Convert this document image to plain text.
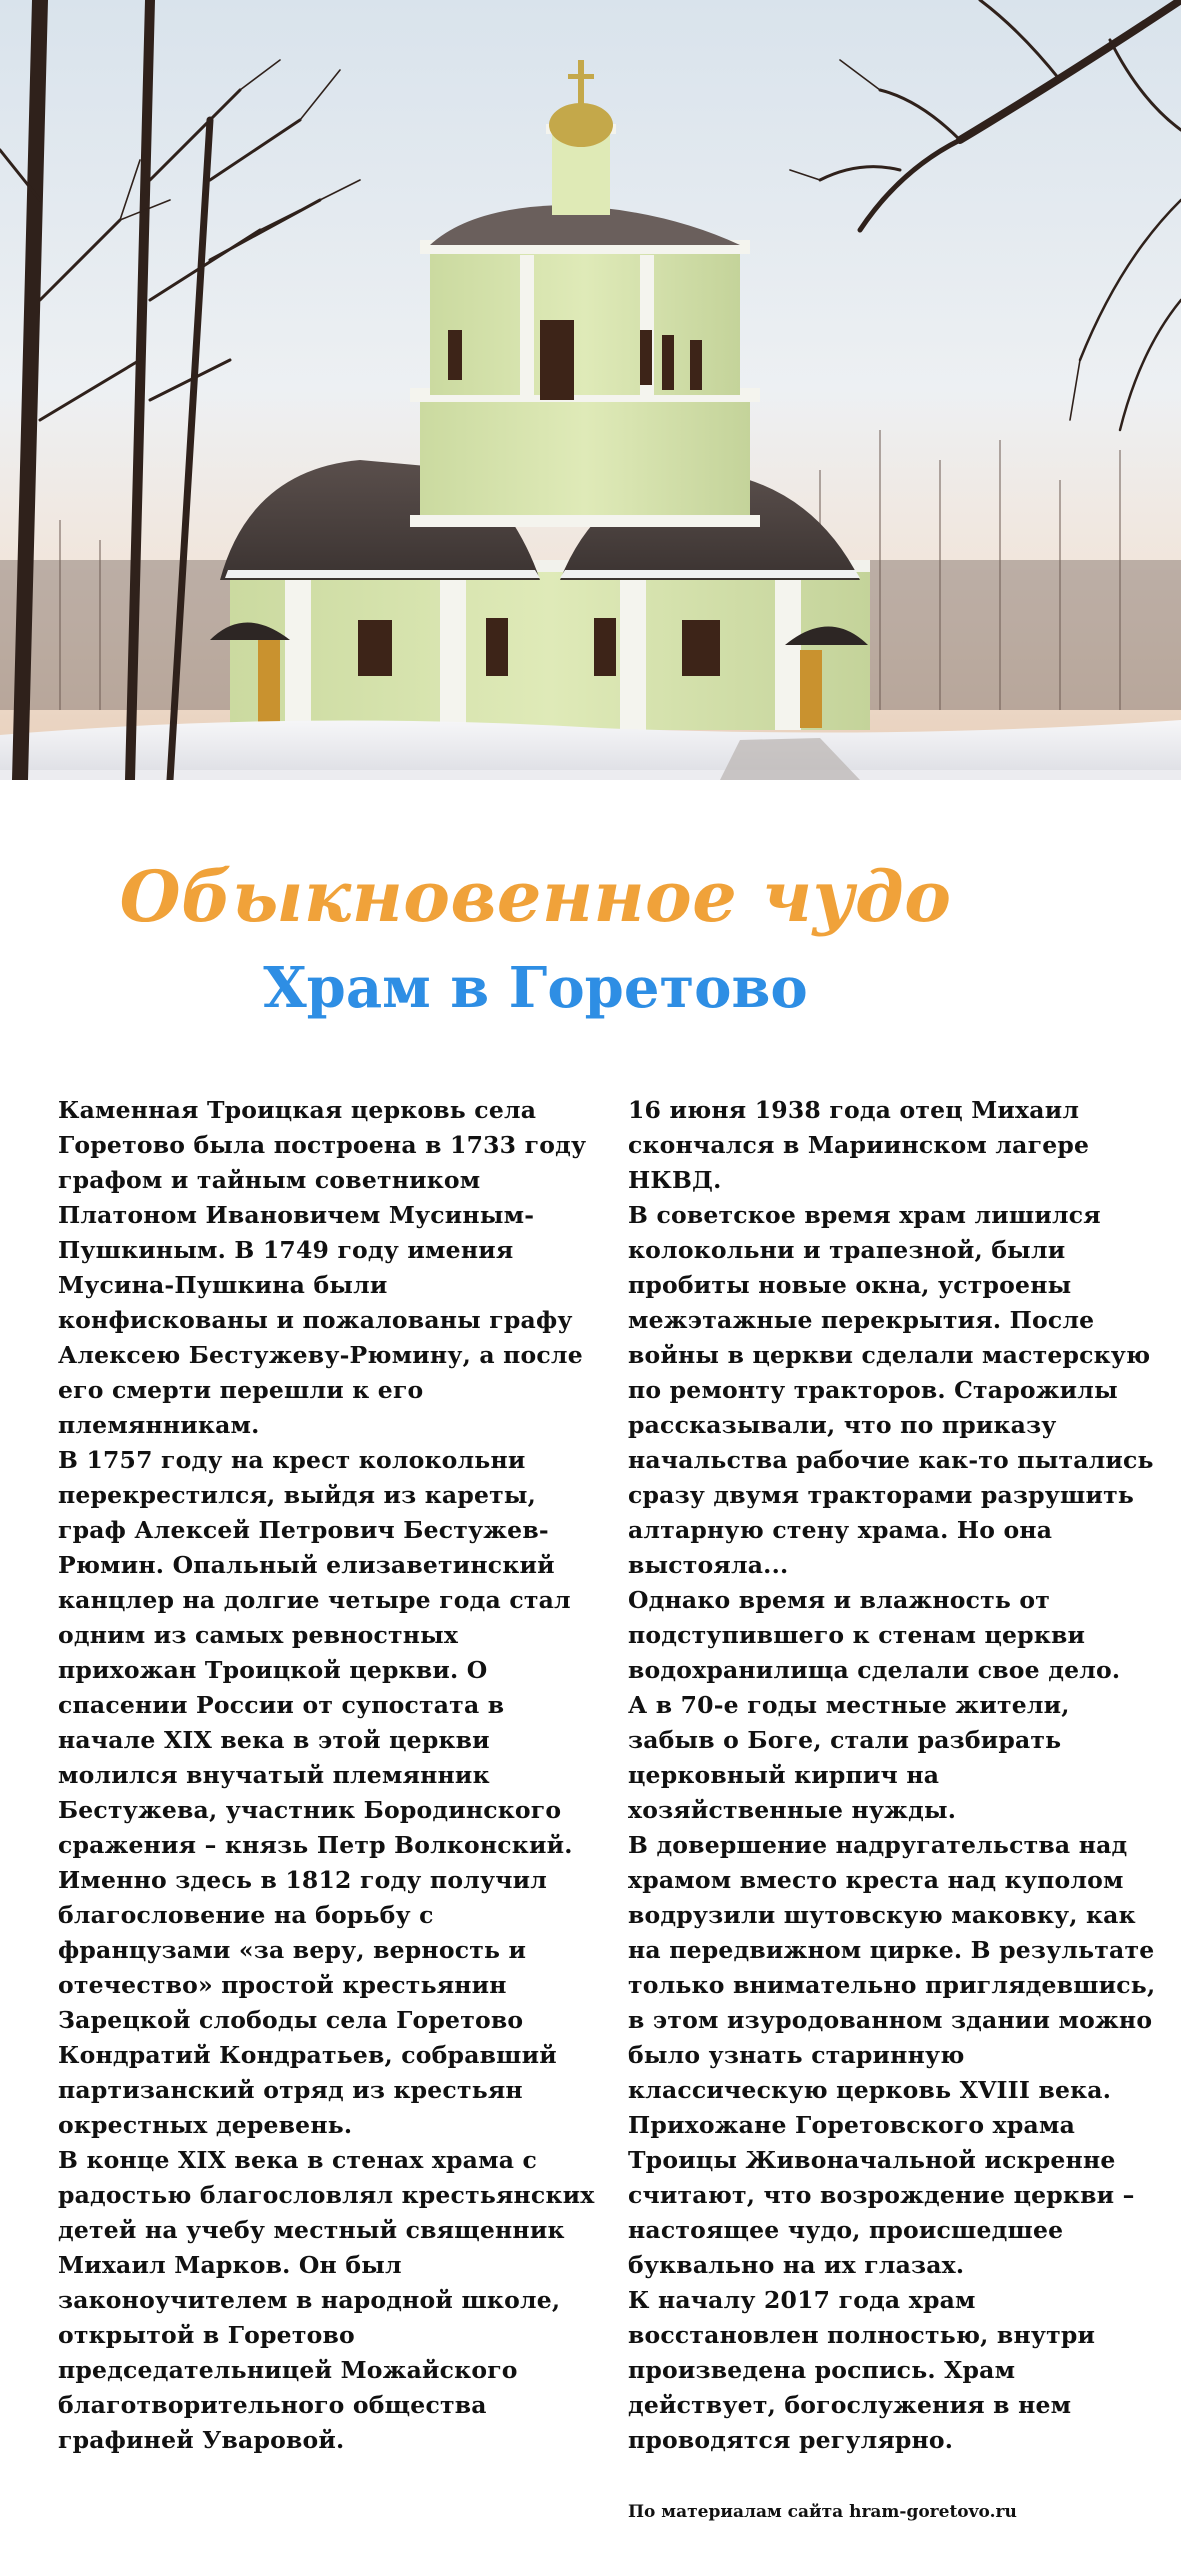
Обыкновенное чудо
Храм в Горетово

Каменная Троицкая церковь села Горетово была построена в 1733 году графом и тайным советником Платоном Ивановичем Мусиным-Пушкиным. В 1749 году имения Мусина-Пушкина были конфискованы и пожалованы графу Алексею Бестужеву-Рюмину, а после его смерти перешли к его племянникам.

В 1757 году на крест колокольни перекрестился, выйдя из кареты, граф Алексей Петрович Бестужев-Рюмин. Опальный елизаветинский канцлер на долгие четыре года стал одним из самых ревностных прихожан Троицкой церкви. О спасении России от супостата в начале XIX века в этой церкви молился внучатый племянник Бестужева, участник Бородинского сражения – князь Петр Волконский.

Именно здесь в 1812 году получил благословение на борьбу с французами «за веру, верность и отечество» простой крестьянин Зарецкой слободы села Горетово Кондратий Кондратьев, собравший партизанский отряд из крестьян окрестных деревень.

В конце XIX века в стенах храма с радостью благословлял крестьянских детей на учебу местный священник Михаил Марков. Он был законоучителем в народной школе, открытой в Горетово председательницей Можайского благотворительного общества графиней Уваровой.

16 июня 1938 года отец Михаил скончался в Мариинском лагере НКВД.

В советское время храм лишился колокольни и трапезной, были пробиты новые окна, устроены межэтажные перекрытия. После войны в церкви сделали мастерскую по ремонту тракторов. Старожилы рассказывали, что по приказу начальства рабочие как-то пытались сразу двумя тракторами разрушить алтарную стену храма. Но она выстояла...

Однако время и влажность от подступившего к стенам церкви водохранилища сделали свое дело.

А в 70-е годы местные жители, забыв о Боге, стали разбирать церковный кирпич на хозяйственные нужды.

В довершение надругательства над храмом вместо креста над куполом водрузили шутовскую маковку, как на передвижном цирке. В результате только внимательно приглядевшись, в этом изуродованном здании можно было узнать старинную классическую церковь XVIII века.

Прихожане Горетовского храма Троицы Живоначальной искренне считают, что возрождение церкви – настоящее чудо, происшедшее буквально на их глазах.

К началу 2017 года храм восстановлен полностью, внутри произведена роспись. Храм действует, богослужения в нем проводятся регулярно.

По материалам сайта hram-goretovo.ru
